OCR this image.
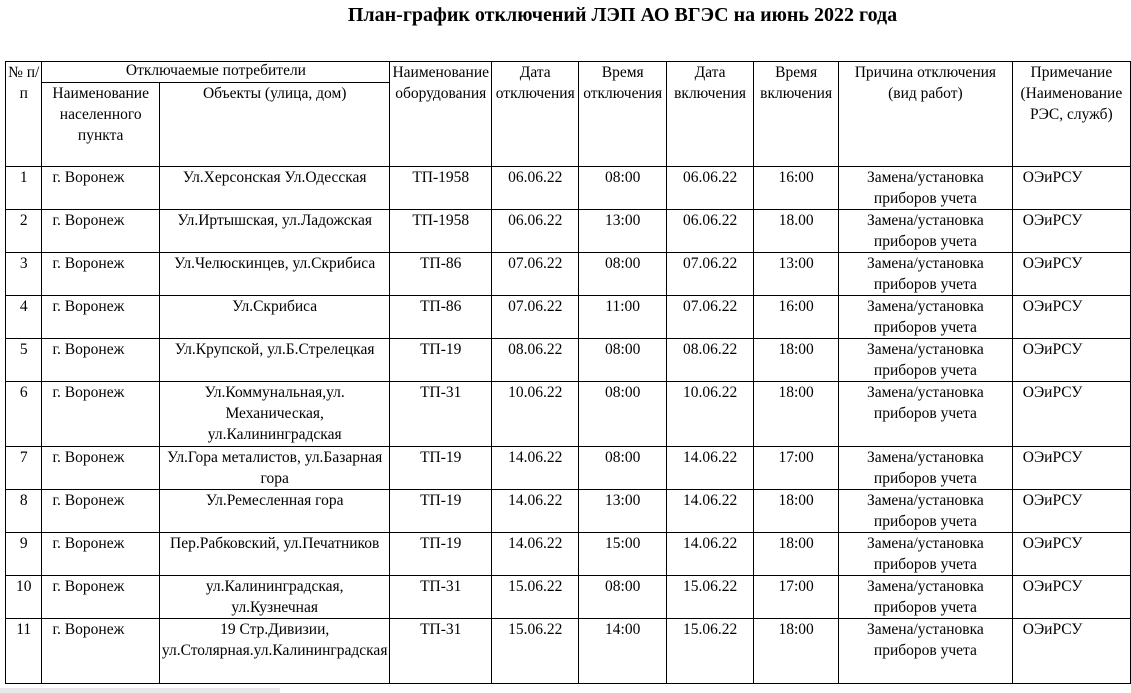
План-график отключений ЛЭП АО ВГЭС на июнь 2022 года
№ п/п	Отключаемые потребители		Наименование оборудования	Дата отключения	Время отключения	Дата включения	Время включения	Причина отключения (вид работ)	Примечание (Наименование РЭС, служб)
	Наименование населенного пункта	Объекты (улица, дом)							
1	г. Воронеж	Ул.Херсонская Ул.Одесская	ТП-1958	06.06.22	08:00	06.06.22	16:00	Замена/установка приборов учета	ОЭиРСУ
2	г. Воронеж	Ул.Иртышская, ул.Ладожская	ТП-1958	06.06.22	13:00	06.06.22	18.00	Замена/установка приборов учета	ОЭиРСУ
3	г. Воронеж	Ул.Челюскинцев, ул.Скрибиса	ТП-86	07.06.22	08:00	07.06.22	13:00	Замена/установка приборов учета	ОЭиРСУ
4	г. Воронеж	Ул.Скрибиса	ТП-86	07.06.22	11:00	07.06.22	16:00	Замена/установка приборов учета	ОЭиРСУ
5	г. Воронеж	Ул.Крупской, ул.Б.Стрелецкая	ТП-19	08.06.22	08:00	08.06.22	18:00	Замена/установка приборов учета	ОЭиРСУ
6	г. Воронеж	Ул.Коммунальная,ул. Механическая, ул.Калининградская	ТП-31	10.06.22	08:00	10.06.22	18:00	Замена/установка приборов учета	ОЭиРСУ
7	г. Воронеж	Ул.Гора металистов, ул.Базарная гора	ТП-19	14.06.22	08:00	14.06.22	17:00	Замена/установка приборов учета	ОЭиРСУ
8	г. Воронеж	Ул.Ремесленная гора	ТП-19	14.06.22	13:00	14.06.22	18:00	Замена/установка приборов учета	ОЭиРСУ
9	г. Воронеж	Пер.Рабковский, ул.Печатников	ТП-19	14.06.22	15:00	14.06.22	18:00	Замена/установка приборов учета	ОЭиРСУ
10	г. Воронеж	ул.Калининградская, ул.Кузнечная	ТП-31	15.06.22	08:00	15.06.22	17:00	Замена/установка приборов учета	ОЭиРСУ
11	г. Воронеж	19 Стр.Дивизии, ул.Столярная.ул.Калининградская	ТП-31	15.06.22	14:00	15.06.22	18:00	Замена/установка приборов учета	ОЭиРСУ
